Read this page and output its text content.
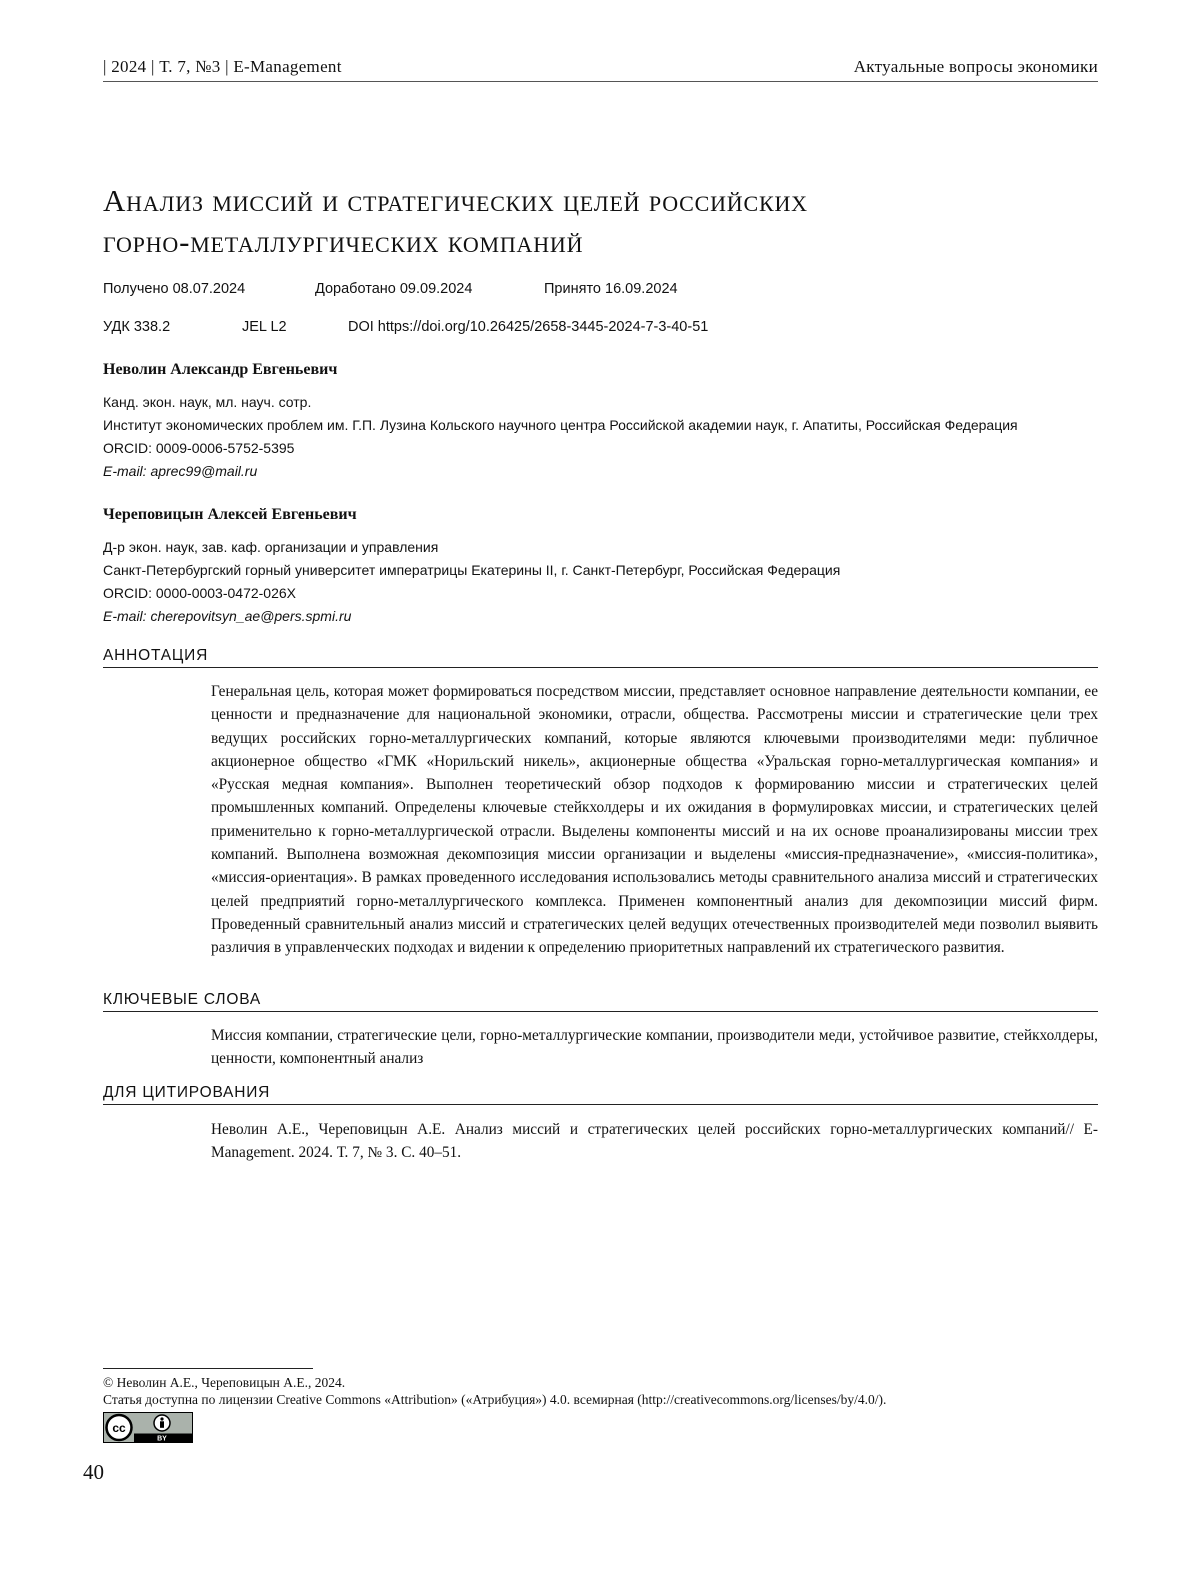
| 2024 | Т. 7, №3 | E-Management	Актуальные вопросы экономики
Анализ миссий и стратегических целей российских
горно-металлургических компаний
Получено 08.07.2024	Доработано 09.09.2024	Принято 16.09.2024
УДК 338.2	JEL L2	DOI https://doi.org/10.26425/2658-3445-2024-7-3-40-51
Неволин Александр Евгеньевич
Канд. экон. наук, мл. науч. сотр.
Институт экономических проблем им. Г.П. Лузина Кольского научного центра Российской академии наук, г. Апатиты, Российская Федерация
ORCID: 0009-0006-5752-5395
E-mail: aprec99@mail.ru
Череповицын Алексей Евгеньевич
Д-р экон. наук, зав. каф. организации и управления
Санкт-Петербургский горный университет императрицы Екатерины II, г. Санкт-Петербург, Российская Федерация
ORCID: 0000-0003-0472-026X
E-mail: cherepovitsyn_ae@pers.spmi.ru
АННОТАЦИЯ

Генеральная цель, которая может формироваться посредством миссии, представляет основное направление деятельности компании, ее ценности и предназначение для национальной экономики, отрасли, общества. Рассмотрены миссии и стратегические цели трех ведущих российских горно-металлургических компаний, которые являются ключевыми производителями меди: публичное акционерное общество «ГМК «Норильский никель», акционерные общества «Уральская горно-металлургическая компания» и «Русская медная компания». Выполнен теоретический обзор подходов к формированию миссии и стратегических целей промышленных компаний. Определены ключевые стейкхолдеры и их ожидания в формулировках миссии, и стратегических целей применительно к горно-металлургической отрасли. Выделены компоненты миссий и на их основе проанализированы миссии трех компаний. Выполнена возможная декомпозиция миссии организации и выделены «миссия-предназначение», «миссия-политика», «миссия-ориентация». В рамках проведенного исследования использовались методы сравнительного анализа миссий и стратегических целей предприятий горно-металлургического комплекса. Применен компонентный анализ для декомпозиции миссий фирм. Проведенный сравнительный анализ миссий и стратегических целей ведущих отечественных производителей меди позволил выявить различия в управленческих подходах и видении к определению приоритетных направлений их стратегического развития.

КЛЮЧЕВЫЕ СЛОВА

Миссия компании, стратегические цели, горно-металлургические компании, производители меди, устойчивое развитие, стейкхолдеры, ценности, компонентный анализ

ДЛЯ ЦИТИРОВАНИЯ

Неволин А.Е., Череповицын А.Е. Анализ миссий и стратегических целей российских горно-металлургических компаний// E-Management. 2024. Т. 7, № 3. С. 40–51.

© Неволин А.Е., Череповицын А.Е., 2024.
Статья доступна по лицензии Creative Commons «Attribution» («Атрибуция») 4.0. всемирная (http://creativecommons.org/licenses/by/4.0/).
cc
BY
40
